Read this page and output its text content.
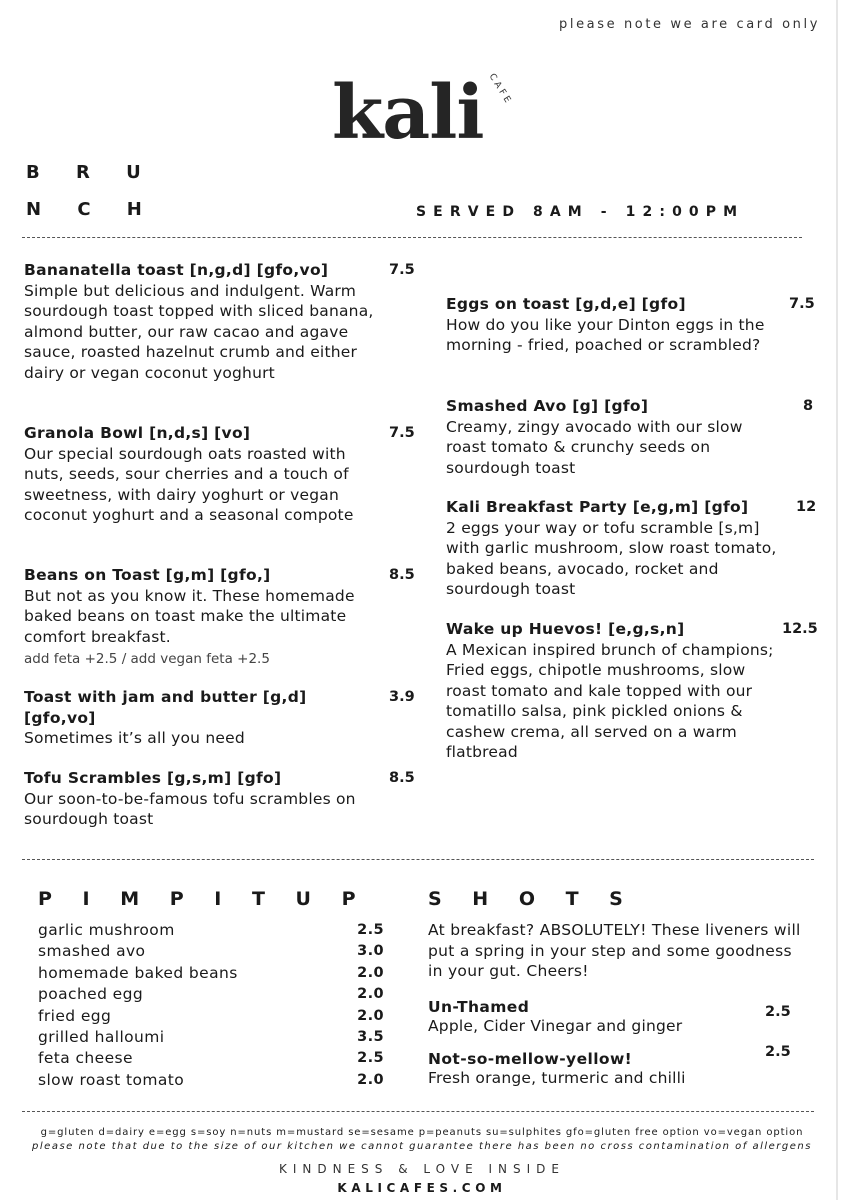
please note we are card only
kali CAFE
B R U
N C H	SERVED 8AM - 12:00PM
Bananatella toast [n,g,d] [gfo,vo]
Simple but delicious and indulgent. Warm sourdough toast topped with sliced banana, almond butter, our raw cacao and agave sauce, roasted hazelnut crumb and either dairy or vegan coconut yoghurt
7.5
Granola Bowl [n,d,s] [vo]
Our special sourdough oats roasted with nuts, seeds, sour cherries and a touch of sweetness, with dairy yoghurt or vegan coconut yoghurt and a seasonal compote
7.5
Beans on Toast [g,m] [gfo,]
But not as you know it. These homemade baked beans on toast make the ultimate comfort breakfast.
add feta +2.5 / add vegan feta +2.5
8.5
Toast with jam and butter [g,d] [gfo,vo]
Sometimes it’s all you need
3.9
Tofu Scrambles [g,s,m] [gfo]
Our soon-to-be-famous tofu scrambles on sourdough toast
8.5
Eggs on toast [g,d,e] [gfo]
How do you like your Dinton eggs in the morning - fried, poached or scrambled?
7.5
Smashed Avo [g] [gfo]
Creamy, zingy avocado with our slow roast tomato & crunchy seeds on sourdough toast
8
Kali Breakfast Party [e,g,m] [gfo]
2 eggs your way or tofu scramble [s,m] with garlic mushroom, slow roast tomato, baked beans, avocado, rocket and sourdough toast
12
Wake up Huevos! [e,g,s,n]
A Mexican inspired brunch of champions; Fried eggs, chipotle mushrooms, slow roast tomato and kale topped with our tomatillo salsa, pink pickled onions & cashew crema, all served on a warm flatbread
12.5
P I M P I T U P
garlic mushroom	2.5
smashed avo	3.0
homemade baked beans	2.0
poached egg	2.0
fried egg	2.0
grilled halloumi	3.5
feta cheese	2.5
slow roast tomato	2.0
S H O T S
At breakfast? ABSOLUTELY! These liveners will put a spring in your step and some goodness in your gut. Cheers!
Un-Thamed
Apple, Cider Vinegar and ginger
2.5
Not-so-mellow-yellow!
Fresh orange, turmeric and chilli
2.5
g=gluten d=dairy e=egg s=soy n=nuts m=mustard se=sesame p=peanuts su=sulphites gfo=gluten free option vo=vegan option
please note that due to the size of our kitchen we cannot guarantee there has been no cross contamination of allergens
KINDNESS & LOVE INSIDE
KALICAFES.COM
